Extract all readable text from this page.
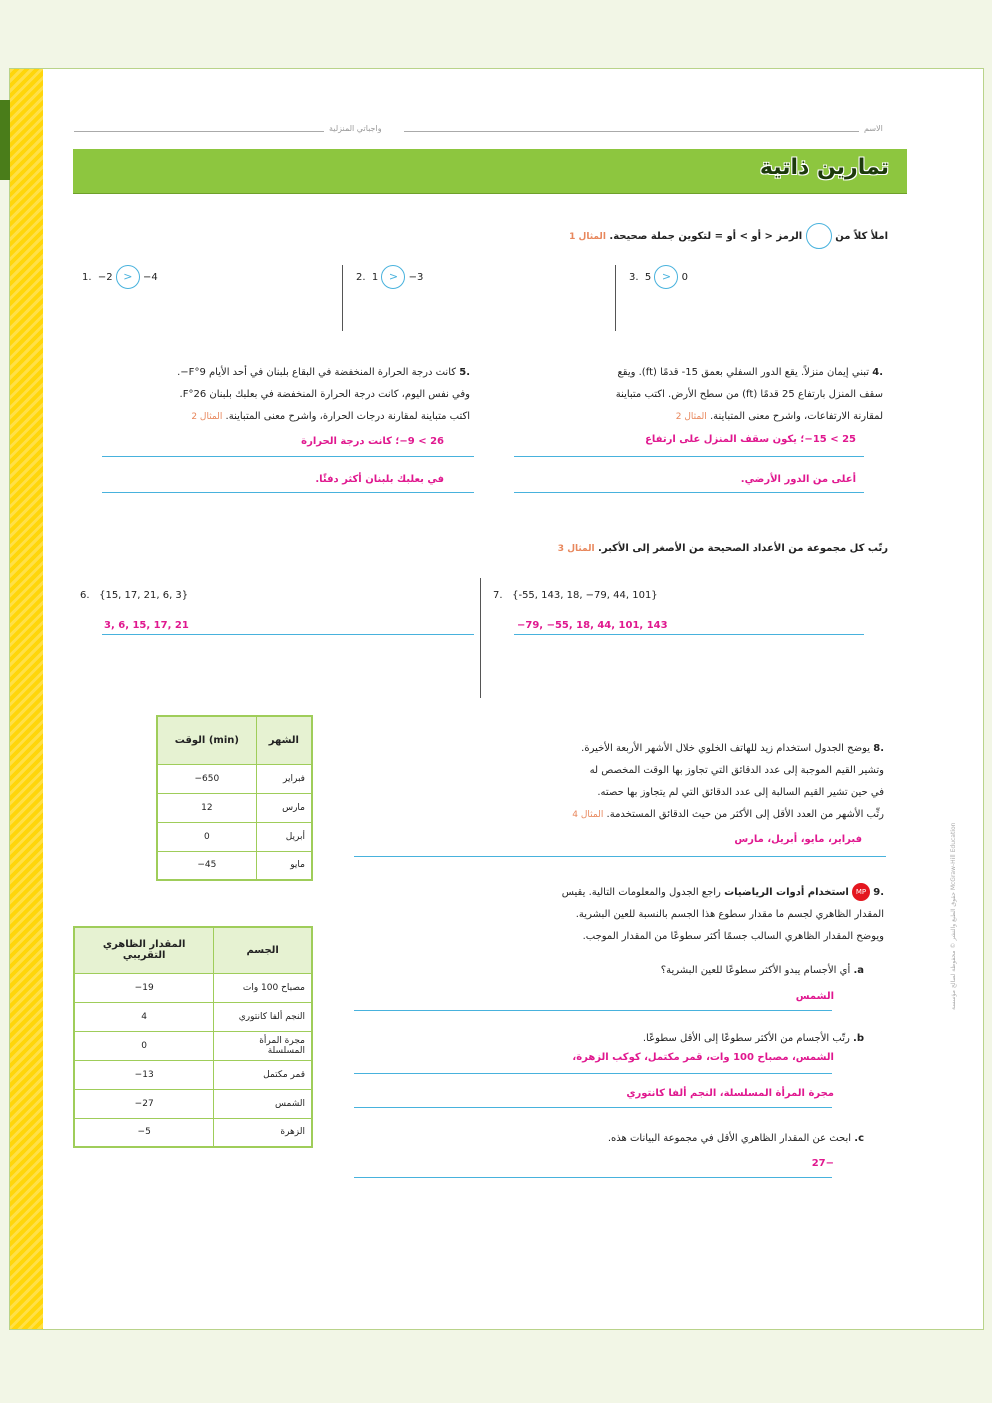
واجباتي المنزلية	الاسم
تمارين ذاتية
املأ كلاً من  الرمز < أو > أو = لتكوين جملة صحيحة. المثال 1
1. −2 > −4	2. 1 > −3	3. 5 > 0
.4 تبني إيمان منزلاً. يقع الدور السفلي بعمق 15- قدمًا (ft). ويقع
سقف المنزل بارتفاع 25 قدمًا (ft) من سطح الأرض. اكتب متباينة
لمقارنة الارتفاعات، واشرح معنى المتباينة. المثال 2
25 > 15−؛ يكون سقف المنزل على ارتفاع
أعلى من الدور الأرضي.
.5 كانت درجة الحرارة المنخفضة في البقاع بلبنان في أحد الأيام 9°F−.
وفي نفس اليوم، كانت درجة الحرارة المنخفضة في بعلبك بلبنان 26°F.
اكتب متباينة لمقارنة درجات الحرارة، واشرح معنى المتباينة. المثال 2
26 > 9−؛ كانت درجة الحرارة
في بعلبك بلبنان أكثر دفئًا.
رتّب كل مجموعة من الأعداد الصحيحة من الأصغر إلى الأكبر. المثال 3
6. {15, 17, 21, 6, 3}
3, 6, 15, 17, 21
7. {-55, 143, 18, −79, 44, 101}
−79, −55, 18, 44, 101, 143
الوقت (min)	الشهر
−650	فبراير
12	مارس
0	أبريل
−45	مايو
.8 يوضح الجدول استخدام زيد للهاتف الخلوي خلال الأشهر الأربعة الأخيرة.
وتشير القيم الموجبة إلى عدد الدقائق التي تجاوز بها الوقت المخصص له
في حين تشير القيم السالبة إلى عدد الدقائق التي لم يتجاوز بها حصته.
رتِّب الأشهر من العدد الأقل إلى الأكثر من حيث الدقائق المستخدمة. المثال 4
فبراير، مايو، أبريل، مارس
المقدار الظاهري التقريبي	الجسم
−19	مصباح 100 وات
4	النجم ألفا كانتوري
0	مجرة المرأة المسلسلة
−13	قمر مكتمل
−27	الشمس
−5	الزهرة
.9 MP استخدام أدوات الرياضيات راجع الجدول والمعلومات التالية. يقيس
المقدار الظاهري لجسم ما مقدار سطوع هذا الجسم بالنسبة للعين البشرية.
ويوضح المقدار الظاهري السالب جسمًا أكثر سطوعًا من المقدار الموجب.
a. أي الأجسام يبدو الأكثر سطوعًا للعين البشرية؟
الشمس
b. رتّب الأجسام من الأكثر سطوعًا إلى الأقل سطوعًا.
الشمس، مصباح 100 وات، قمر مكتمل، كوكب الزهرة،
مجرة المرأة المسلسلة، النجم ألفا كانتوري
c. ابحث عن المقدار الظاهري الأقل في مجموعة البيانات هذه.
−27
حقوق الطبع والنشر © محفوظة لصالح مؤسسة McGraw-Hill Education
